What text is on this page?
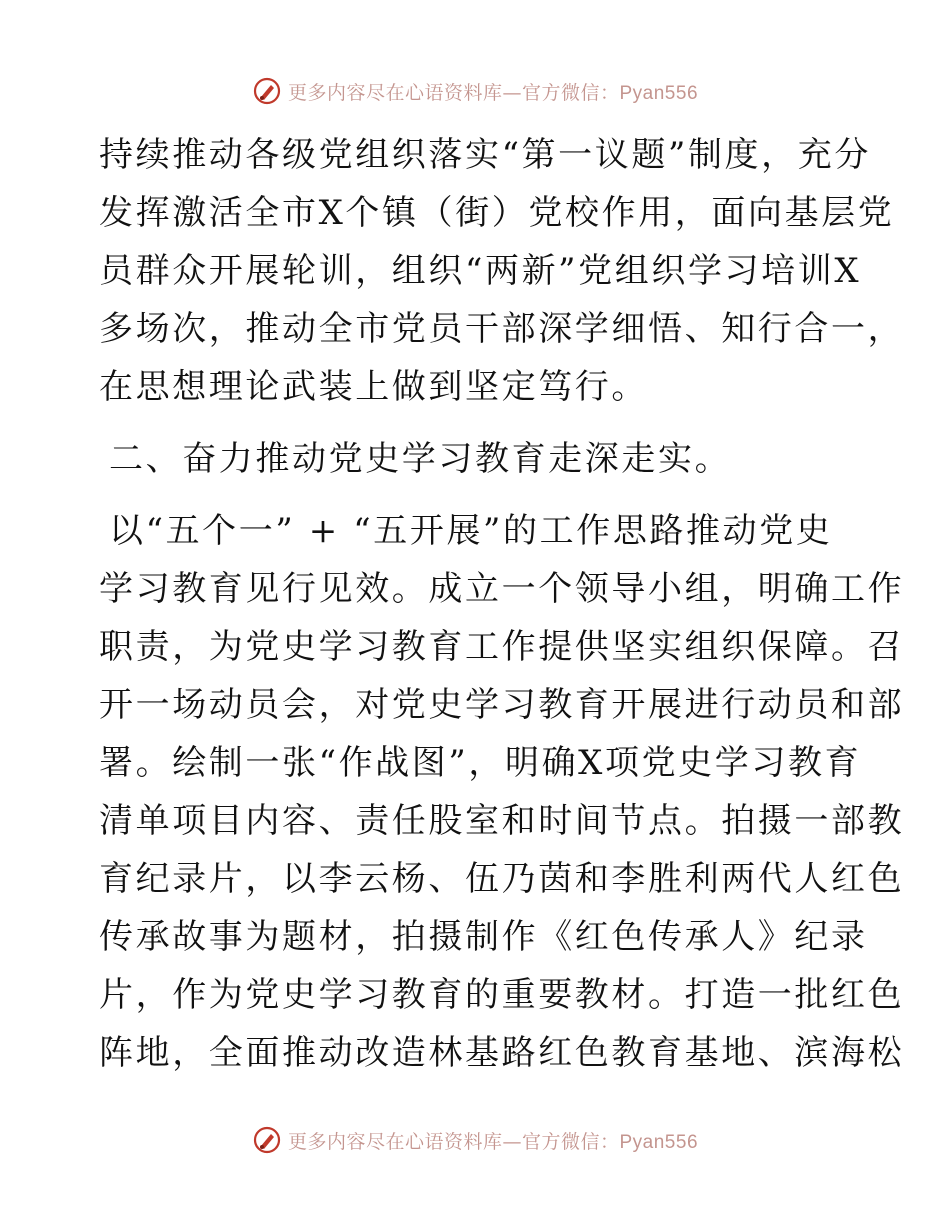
更多内容尽在心语资料库—官方微信：Pyan556
持续推动各级党组织落实“第一议题”制度，充分
发挥激活全市X个镇（街）党校作用，面向基层党
员群众开展轮训，组织“两新”党组织学习培训X
多场次，推动全市党员干部深学细悟、知行合一，
在思想理论武装上做到坚定笃行。
二、奋力推动党史学习教育走深走实。
以“五个一” + “五开展”的工作思路推动党史
学习教育见行见效。成立一个领导小组，明确工作
职责，为党史学习教育工作提供坚实组织保障。召
开一场动员会，对党史学习教育开展进行动员和部
署。绘制一张“作战图”，明确X项党史学习教育
清单项目内容、责任股室和时间节点。拍摄一部教
育纪录片，以李云杨、伍乃茵和李胜利两代人红色
传承故事为题材，拍摄制作《红色传承人》纪录
片，作为党史学习教育的重要教材。打造一批红色
阵地，全面推动改造林基路红色教育基地、滨海松
更多内容尽在心语资料库—官方微信：Pyan556
